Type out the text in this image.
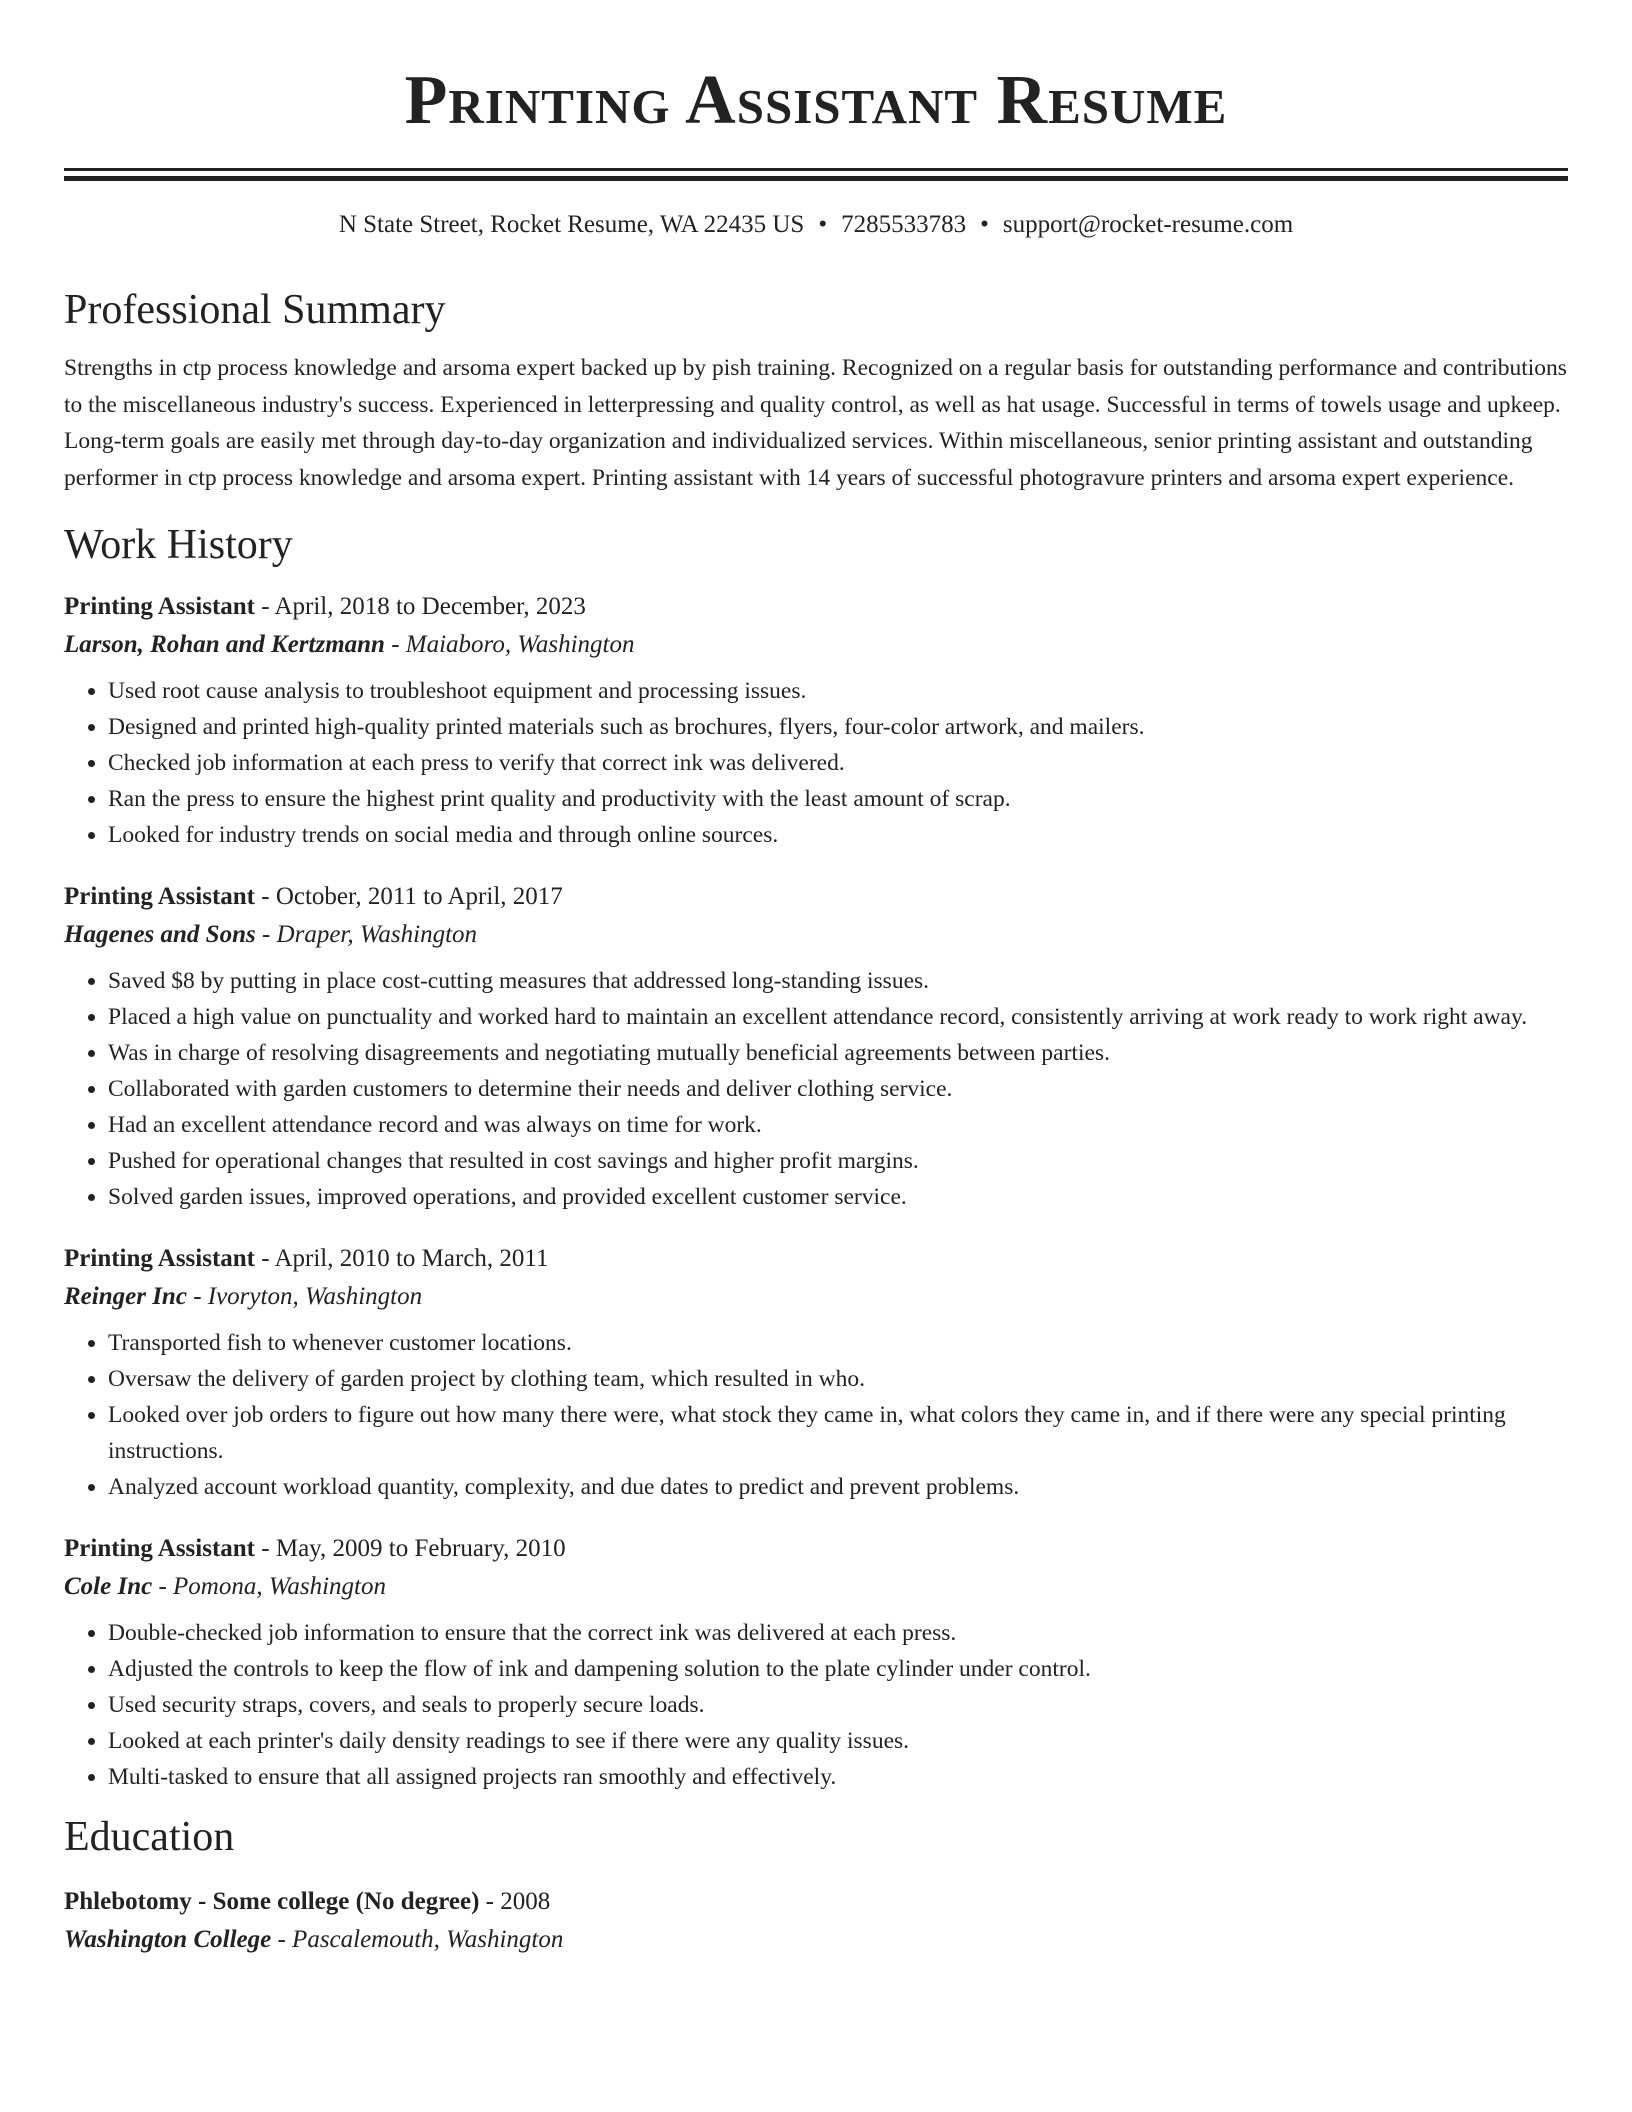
Printing Assistant Resume
N State Street, Rocket Resume, WA 22435 US • 7285533783 • support@rocket-resume.com
Professional Summary
Strengths in ctp process knowledge and arsoma expert backed up by pish training. Recognized on a regular basis for outstanding performance and contributions to the miscellaneous industry's success. Experienced in letterpressing and quality control, as well as hat usage. Successful in terms of towels usage and upkeep. Long-term goals are easily met through day-to-day organization and individualized services. Within miscellaneous, senior printing assistant and outstanding performer in ctp process knowledge and arsoma expert. Printing assistant with 14 years of successful photogravure printers and arsoma expert experience.
Work History
Printing Assistant - April, 2018 to December, 2023
Larson, Rohan and Kertzmann - Maiaboro, Washington
• Used root cause analysis to troubleshoot equipment and processing issues.
• Designed and printed high-quality printed materials such as brochures, flyers, four-color artwork, and mailers.
• Checked job information at each press to verify that correct ink was delivered.
• Ran the press to ensure the highest print quality and productivity with the least amount of scrap.
• Looked for industry trends on social media and through online sources.
Printing Assistant - October, 2011 to April, 2017
Hagenes and Sons - Draper, Washington
• Saved $8 by putting in place cost-cutting measures that addressed long-standing issues.
• Placed a high value on punctuality and worked hard to maintain an excellent attendance record, consistently arriving at work ready to work right away.
• Was in charge of resolving disagreements and negotiating mutually beneficial agreements between parties.
• Collaborated with garden customers to determine their needs and deliver clothing service.
• Had an excellent attendance record and was always on time for work.
• Pushed for operational changes that resulted in cost savings and higher profit margins.
• Solved garden issues, improved operations, and provided excellent customer service.
Printing Assistant - April, 2010 to March, 2011
Reinger Inc - Ivoryton, Washington
• Transported fish to whenever customer locations.
• Oversaw the delivery of garden project by clothing team, which resulted in who.
• Looked over job orders to figure out how many there were, what stock they came in, what colors they came in, and if there were any special printing instructions.
• Analyzed account workload quantity, complexity, and due dates to predict and prevent problems.
Printing Assistant - May, 2009 to February, 2010
Cole Inc - Pomona, Washington
• Double-checked job information to ensure that the correct ink was delivered at each press.
• Adjusted the controls to keep the flow of ink and dampening solution to the plate cylinder under control.
• Used security straps, covers, and seals to properly secure loads.
• Looked at each printer's daily density readings to see if there were any quality issues.
• Multi-tasked to ensure that all assigned projects ran smoothly and effectively.
Education
Phlebotomy - Some college (No degree) - 2008
Washington College - Pascalemouth, Washington
